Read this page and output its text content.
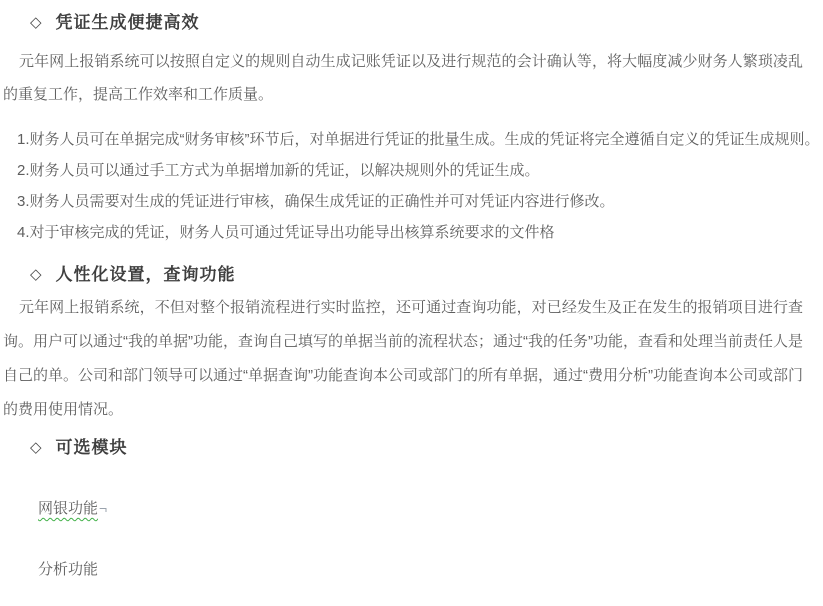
◇ 凭证生成便捷高效

元年网上报销系统可以按照自定义的规则自动生成记账凭证以及进行规范的会计确认等，将大幅度减少财务人繁琐凌乱的重复工作，提高工作效率和工作质量。

1.财务人员可在单据完成“财务审核”环节后，对单据进行凭证的批量生成。生成的凭证将完全遵循自定义的凭证生成规则。
2.财务人员可以通过手工方式为单据增加新的凭证，以解决规则外的凭证生成。
3.财务人员需要对生成的凭证进行审核，确保生成凭证的正确性并可对凭证内容进行修改。
4.对于审核完成的凭证，财务人员可通过凭证导出功能导出核算系统要求的文件格
◇ 人性化设置，查询功能

元年网上报销系统，不但对整个报销流程进行实时监控，还可通过查询功能，对已经发生及正在发生的报销项目进行查询。用户可以通过“我的单据”功能，查询自己填写的单据当前的流程状态；通过“我的任务”功能，查看和处理当前责任人是自己的单。公司和部门领导可以通过“单据查询”功能查询本公司或部门的所有单据，通过“费用分析”功能查询本公司或部门的费用使用情况。

◇ 可选模块
网银功能¬
分析功能
